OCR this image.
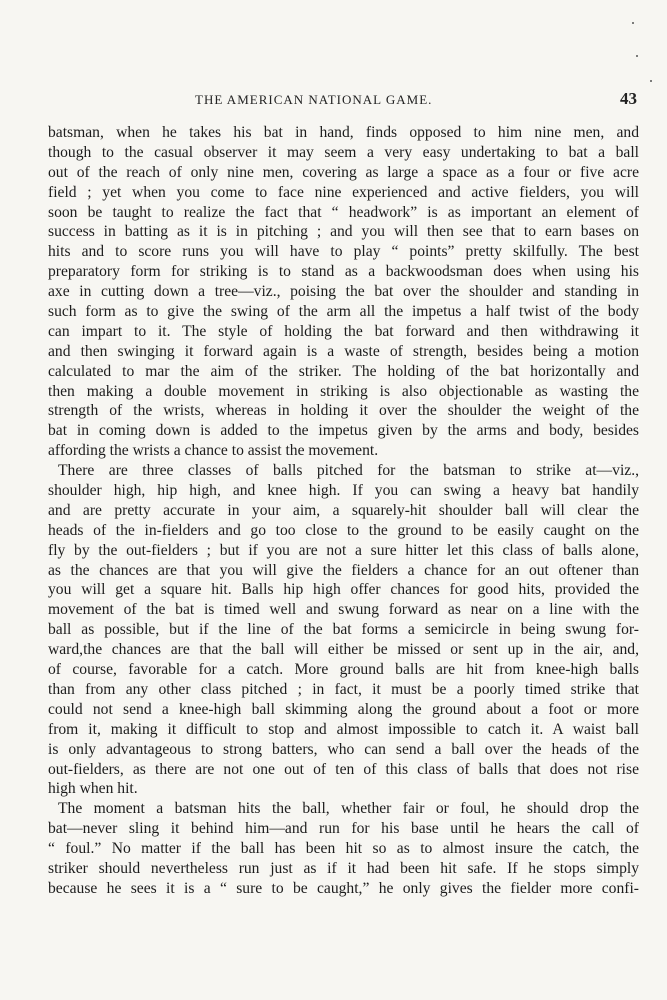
THE AMERICAN NATIONAL GAME.	43
batsman, when he takes his bat in hand, finds opposed to him nine men, and
though to the casual observer it may seem a very easy undertaking to bat a ball
out of the reach of only nine men, covering as large a space as a four or five acre
field ; yet when you come to face nine experienced and active fielders, you will
soon be taught to realize the fact that “ headwork” is as important an element of
success in batting as it is in pitching ; and you will then see that to earn bases on
hits and to score runs you will have to play “ points” pretty skilfully. The best
preparatory form for striking is to stand as a backwoodsman does when using his
axe in cutting down a tree—viz., poising the bat over the shoulder and standing in
such form as to give the swing of the arm all the impetus a half twist of the body
can impart to it. The style of holding the bat forward and then withdrawing it
and then swinging it forward again is a waste of strength, besides being a motion
calculated to mar the aim of the striker. The holding of the bat horizontally and
then making a double movement in striking is also objectionable as wasting the
strength of the wrists, whereas in holding it over the shoulder the weight of the
bat in coming down is added to the impetus given by the arms and body, besides
affording the wrists a chance to assist the movement.
There are three classes of balls pitched for the batsman to strike at—viz.,
shoulder high, hip high, and knee high. If you can swing a heavy bat handily
and are pretty accurate in your aim, a squarely-hit shoulder ball will clear the
heads of the in-fielders and go too close to the ground to be easily caught on the
fly by the out-fielders ; but if you are not a sure hitter let this class of balls alone,
as the chances are that you will give the fielders a chance for an out oftener than
you will get a square hit. Balls hip high offer chances for good hits, provided the
movement of the bat is timed well and swung forward as near on a line with the
ball as possible, but if the line of the bat forms a semicircle in being swung for-
ward,the chances are that the ball will either be missed or sent up in the air, and,
of course, favorable for a catch. More ground balls are hit from knee-high balls
than from any other class pitched ; in fact, it must be a poorly timed strike that
could not send a knee-high ball skimming along the ground about a foot or more
from it, making it difficult to stop and almost impossible to catch it. A waist ball
is only advantageous to strong batters, who can send a ball over the heads of the
out-fielders, as there are not one out of ten of this class of balls that does not rise
high when hit.
The moment a batsman hits the ball, whether fair or foul, he should drop the
bat—never sling it behind him—and run for his base until he hears the call of
“ foul.” No matter if the ball has been hit so as to almost insure the catch, the
striker should nevertheless run just as if it had been hit safe. If he stops simply
because he sees it is a “ sure to be caught,” he only gives the fielder more confi-
